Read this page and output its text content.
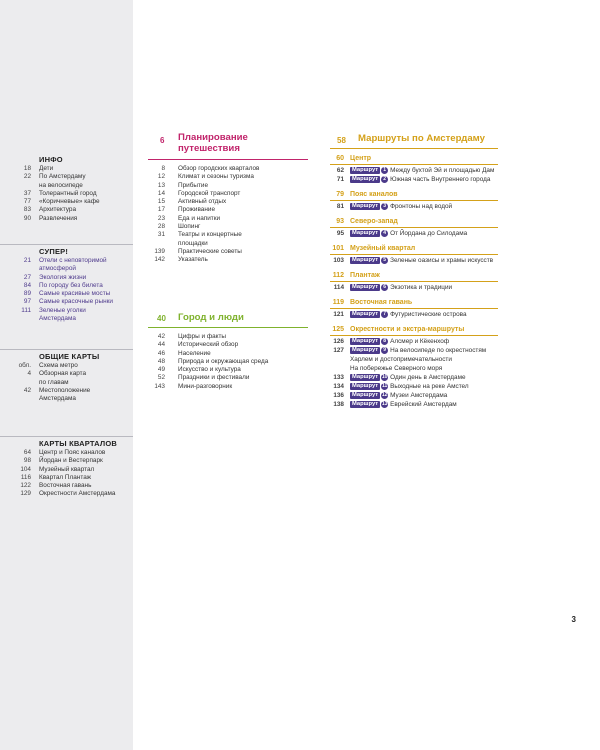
ИНФО
18	Дети
22	По Амстердаму
на велосипеде
37	Толерантный город
77	«Коричневые» кафе
83	Архитектура
90	Развлечения
СУПЕР!
21	Отели с неповторимой
атмосферой
27	Экология жизни
84	По городу без билета
89	Самые красивые мосты
97	Самые красочные рынки
111	Зеленые уголки
Амстердама
ОБЩИЕ КАРТЫ
обл.	Схема метро
4	Обзорная карта
по главам
42	Местоположение
Амстердама
КАРТЫ КВАРТАЛОВ
64	Центр и Пояс каналов
98	Йордан и Вестерпарк
104	Музейный квартал
116	Квартал Плантаж
122	Восточная гавань
129	Окрестности Амстердама
6 Планирование
путешествия
8	Обзор городских кварталов
12	Климат и сезоны туризма
13	Прибытие
14	Городской транспорт
15	Активный отдых
17	Проживание
23	Еда и напитки
28	Шопинг
31	Театры и концертные
площадки
139	Практические советы
142	Указатель
40 Город и люди
42	Цифры и факты
44	Исторический обзор
46	Население
48	Природа и окружающая среда
49	Искусство и культура
52	Праздники и фестивали
143	Мини-разговорник
58 Маршруты по Амстердаму
60 Центр
62	Маршрут	1 Между бухтой Эй и площадью Дам
71	Маршрут	2 Южная часть Внутреннего города
79 Пояс каналов
81	Маршрут	3 Фронтоны над водой
93 Северо-запад
95	Маршрут	4 От Йордана до Силодама
101 Музейный квартал
103	Маршрут	5 Зеленые оазисы и храмы искусств
112 Плантаж
114	Маршрут	6 Экзотика и традиции
119 Восточная гавань
121	Маршрут	7 Футуристические острова
125 Окрестности и экстра-маршруты
126	Маршрут	8 Алсмер и Кёкенхоф
127	Маршрут	9 На велосипеде по окрестностям
Харлем и достопримечательности
На побережье Северного моря
133	Маршрут 10 Один день в Амстердаме
134	Маршрут 11 Выходные на реке Амстел
136	Маршрут 12 Музеи Амстердама
138	Маршрут 13 Еврейский Амстердам
3
